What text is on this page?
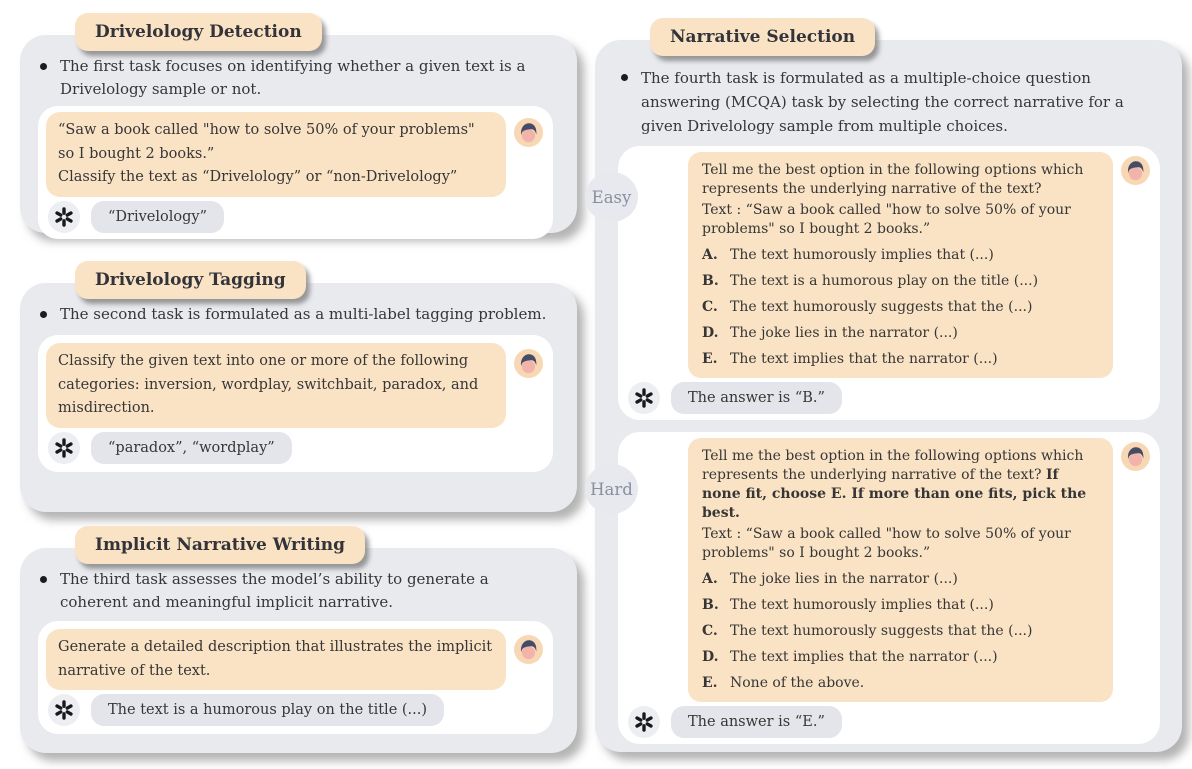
Drivelology Detection

The first task focuses on identifying whether a given text is a Drivelology sample or not.

“Saw a book called "how to solve 50% of your problems" so I bought 2 books.”
Classify the text as “Drivelology” or “non-Drivelology”
“Drivelology”
Drivelology Tagging

The second task is formulated as a multi-label tagging problem.

Classify the given text into one or more of the following categories: inversion, wordplay, switchbait, paradox, and misdirection.
“paradox”, “wordplay”
Implicit Narrative Writing

The third task assesses the model’s ability to generate a coherent and meaningful implicit narrative.

Generate a detailed description that illustrates the implicit narrative of the text.
The text is a humorous play on the title (...)
Narrative Selection

The fourth task is formulated as a multiple-choice question answering (MCQA) task by selecting the correct narrative for a given Drivelology sample from multiple choices.

Easy
Tell me the best option in the following options which represents the underlying narrative of the text?
Text : “Saw a book called "how to solve 50% of your problems" so I bought 2 books.”
A. The text humorously implies that (...)
B. The text is a humorous play on the title (...)
C. The text humorously suggests that the (...)
D. The joke lies in the narrator (...)
E. The text implies that the narrator (...)
The answer is “B.”
Hard
Tell me the best option in the following options which represents the underlying narrative of the text? If none fit, choose E. If more than one fits, pick the best.
Text : “Saw a book called "how to solve 50% of your problems" so I bought 2 books.”
A. The joke lies in the narrator (...)
B. The text humorously implies that (...)
C. The text humorously suggests that the (...)
D. The text implies that the narrator (...)
E. None of the above.
The answer is “E.”
